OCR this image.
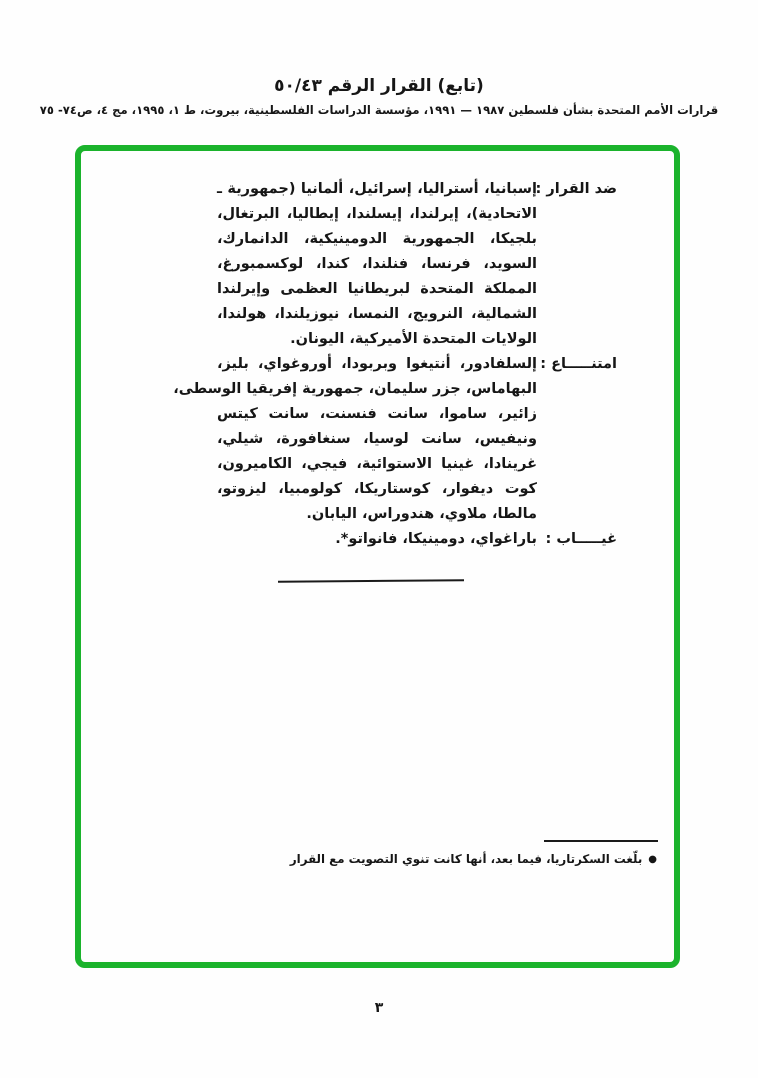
(تابع) القرار الرقم ٥٠/٤٣
قرارات الأمم المتحدة بشأن فلسطين ١٩٨٧ — ١٩٩١، مؤسسة الدراسات الفلسطينية، بيروت، ط ١، ١٩٩٥، مج ٤، ص٧٤- ٧٥
ضد القرار :
إسبانيا، أستراليا، إسرائيل، ألمانيا (جمهورية ـ
الاتحادية)، إيرلندا، إيسلندا، إيطاليا، البرتغال،
بلجيكا، الجمهورية الدومينيكية، الدانمارك،
السويد، فرنسا، فنلندا، كندا، لوكسمبورغ،
المملكة المتحدة لبريطانيا العظمى وإيرلندا
الشمالية، النرويج، النمسا، نيوزيلندا، هولندا،
الولايات المتحدة الأميركية، اليونان.
امتنـــــاع :
إلسلفادور، أنتيغوا وبربودا، أوروغواي، بليز،
البهاماس، جزر سليمان، جمهورية إفريقيا الوسطى،
زائير، ساموا، سانت فنسنت، سانت كيتس
ونيفيس، سانت لوسيا، سنغافورة، شيلي،
غرينادا، غينيا الاستوائية، فيجي، الكاميرون،
كوت ديفوار، كوستاريكا، كولومبيا، ليزوتو،
مالطا، ملاوي، هندوراس، اليابان.
غيـــــاب :
باراغواي، دومينيكا، فانواتو*.
●بلّغت السكرتاريا، فيما بعد، أنها كانت تنوي التصويت مع القرار
٣
